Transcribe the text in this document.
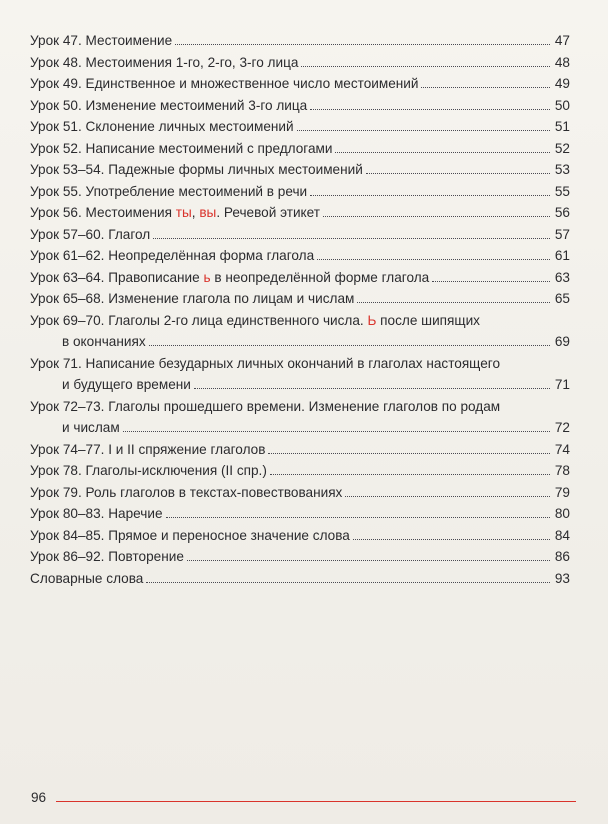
Урок 47. Местоимение	47
Урок 48. Местоимения 1-го, 2-го, 3-го лица	48
Урок 49. Единственное и множественное число местоимений	49
Урок 50. Изменение местоимений 3-го лица	50
Урок 51. Склонение личных местоимений	51
Урок 52. Написание местоимений с предлогами	52
Урок 53–54. Падежные формы личных местоимений	53
Урок 55. Употребление местоимений в речи	55
Урок 56. Местоимения ты, вы. Речевой этикет	56
Урок 57–60. Глагол	57
Урок 61–62. Неопределённая форма глагола	61
Урок 63–64. Правописание ь в неопределённой форме глагола	63
Урок 65–68. Изменение глагола по лицам и числам	65
Урок 69–70. Глаголы 2-го лица единственного числа. Ь после шипящих
в окончаниях	69
Урок 71. Написание безударных личных окончаний в глаголах настоящего
и будущего времени	71
Урок 72–73. Глаголы прошедшего времени. Изменение глаголов по родам
и числам	72
Урок 74–77. I и II спряжение глаголов	74
Урок 78. Глаголы-исключения (II спр.)	78
Урок 79. Роль глаголов в текстах-повествованиях	79
Урок 80–83. Наречие	80
Урок 84–85. Прямое и переносное значение слова	84
Урок 86–92. Повторение	86
Словарные слова	93
96
